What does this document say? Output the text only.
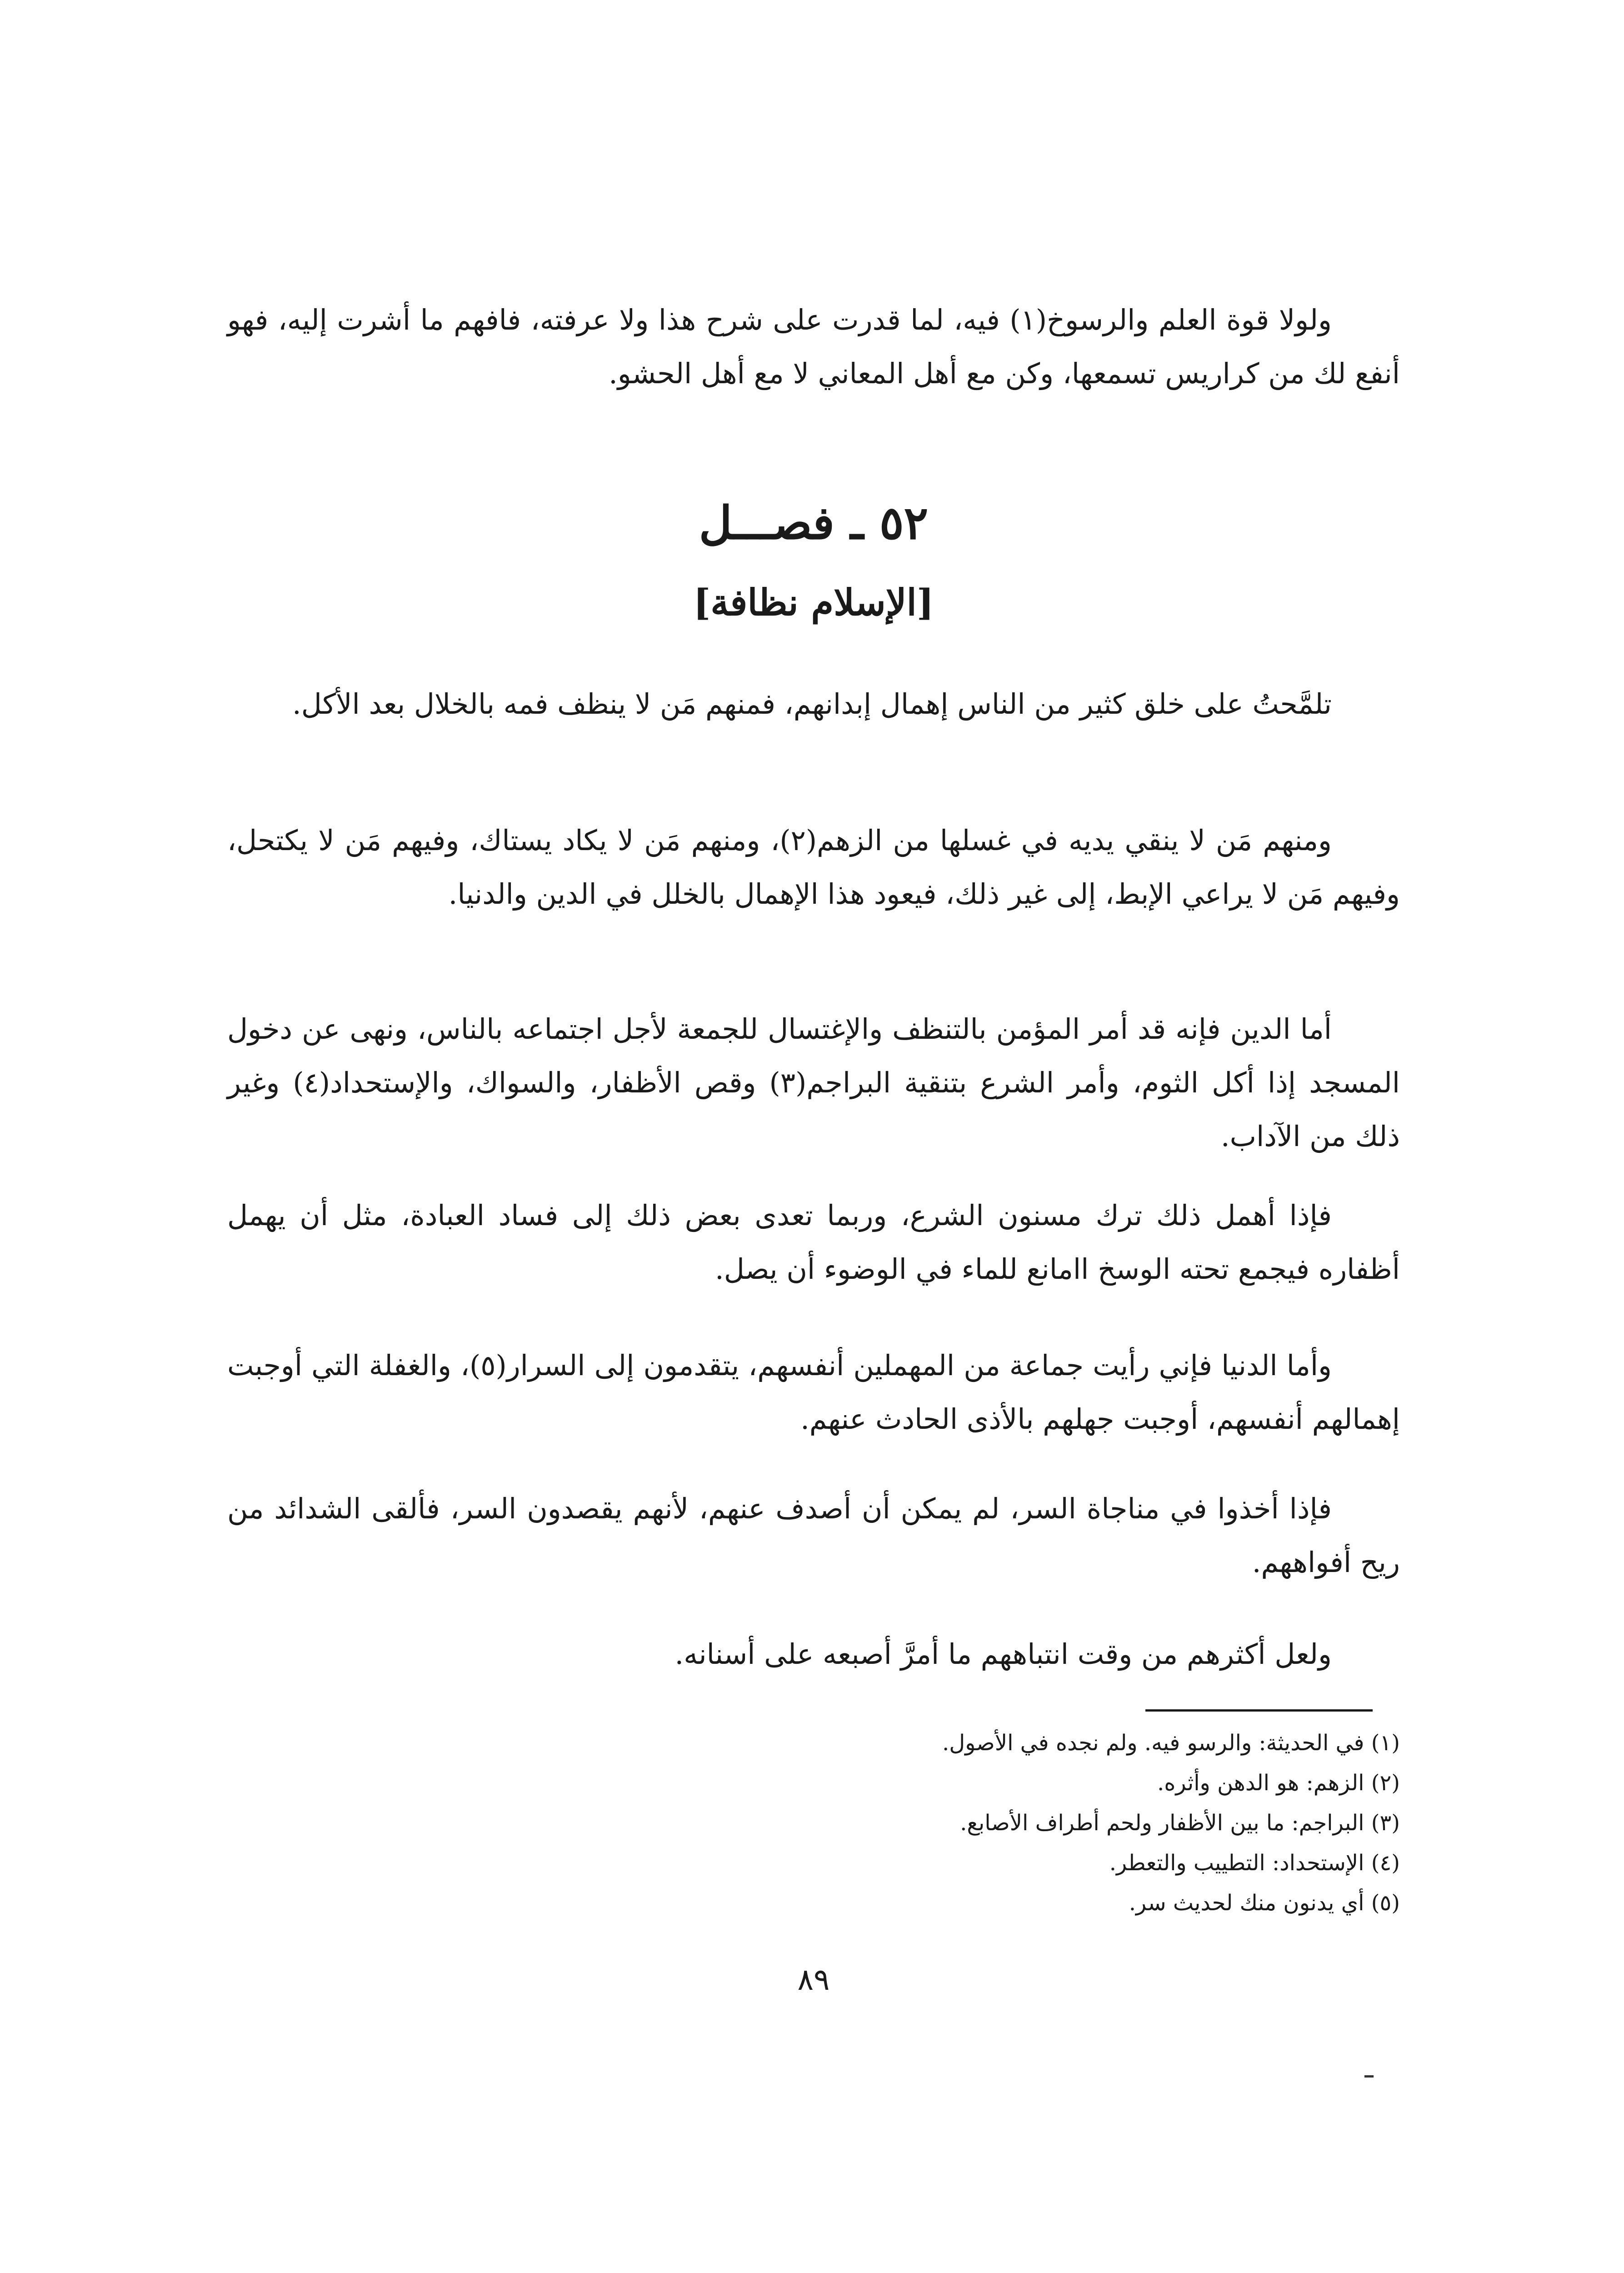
ولولا قوة العلم والرسوخ(١) فيه، لما قدرت على شرح هذا ولا عرفته، فافهم ما أشرت إليه، فهو أنفع لك من كراريس تسمعها، وكن مع أهل المعاني لا مع أهل الحشو.

٥٢ ـ فصـــل
[الإسلام نظافة]

تلمَّحتُ على خلق كثير من الناس إهمال إبدانهم، فمنهم مَن لا ينظف فمه بالخلال بعد الأكل.

ومنهم مَن لا ينقي يديه في غسلها من الزهم(٢)، ومنهم مَن لا يكاد يستاك، وفيهم مَن لا يكتحل، وفيهم مَن لا يراعي الإبط، إلى غير ذلك، فيعود هذا الإهمال بالخلل في الدين والدنيا.

أما الدين فإنه قد أمر المؤمن بالتنظف والإغتسال للجمعة لأجل اجتماعه بالناس، ونهى عن دخول المسجد إذا أكل الثوم، وأمر الشرع بتنقية البراجم(٣) وقص الأظفار، والسواك، والإستحداد(٤) وغير ذلك من الآداب.

فإذا أهمل ذلك ترك مسنون الشرع، وربما تعدى بعض ذلك إلى فساد العبادة، مثل أن يهمل أظفاره فيجمع تحته الوسخ ا‌ا‌مانع للماء في الوضوء أن يصل.

وأما الدنيا فإني رأيت جماعة من المهملين أنفسهم، يتقدمون إلى السرار(٥)، والغفلة التي أوجبت إهمالهم أنفسهم، أوجبت جهلهم بالأذى الحادث عنهم.

فإذا أخذوا في مناجاة السر، لم يمكن أن أصدف عنهم، لأنهم يقصدون السر، فألقى الشدائد من ريح أفواههم.

ولعل أكثرهم من وقت انتباههم ما أمرَّ أصبعه على أسنانه.

(١) في الحديثة: والرسو فيه. ولم نجده في الأصول.
(٢) الزهم: هو الدهن وأثره.
(٣) البراجم: ما بين الأظفار ولحم أطراف الأصابع.
(٤) الإستحداد: التطييب والتعطر.
(٥) أي يدنون منك لحديث سر.

٨٩
